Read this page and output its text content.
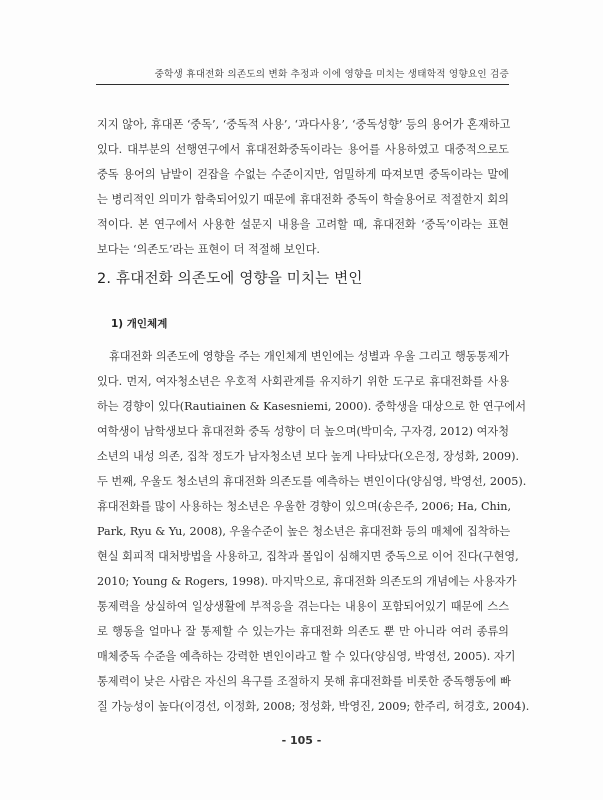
중학생 휴대전화 의존도의 변화 추정과 이에 영향을 미치는 생태학적 영향요인 검증
지지 않아, 휴대폰 ‘중독’, ‘중독적 사용’, ‘과다사용’, ‘중독성향’ 등의 용어가 혼재하고
있다. 대부분의 선행연구에서 휴대전화중독이라는 용어를 사용하였고 대중적으로도
중독 용어의 남발이 걷잡을 수없는 수준이지만, 엄밀하게 따져보면 중독이라는 말에
는 병리적인 의미가 함축되어있기 때문에 휴대전화 중독이 학술용어로 적절한지 회의
적이다. 본 연구에서 사용한 설문지 내용을 고려할 때, 휴대전화 ‘중독’이라는 표현
보다는 ‘의존도’라는 표현이 더 적절해 보인다.
2. 휴대전화 의존도에 영향을 미치는 변인
1) 개인체계
휴대전화 의존도에 영향을 주는 개인체계 변인에는 성별과 우울 그리고 행동통제가
있다. 먼저, 여자청소년은 우호적 사회관계를 유지하기 위한 도구로 휴대전화를 사용
하는 경향이 있다(Rautiainen & Kasesniemi, 2000). 중학생을 대상으로 한 연구에서
여학생이 남학생보다 휴대전화 중독 성향이 더 높으며(박미숙, 구자경, 2012) 여자청
소년의 내성 의존, 집착 정도가 남자청소년 보다 높게 나타났다(오은정, 장성화, 2009).
두 번째, 우울도 청소년의 휴대전화 의존도를 예측하는 변인이다(양심영, 박영선, 2005).
휴대전화를 많이 사용하는 청소년은 우울한 경향이 있으며(송은주, 2006; Ha, Chin,
Park, Ryu & Yu, 2008), 우울수준이 높은 청소년은 휴대전화 등의 매체에 집착하는
현실 회피적 대처방법을 사용하고, 집착과 몰입이 심해지면 중독으로 이어 진다(구현영,
2010; Young & Rogers, 1998). 마지막으로, 휴대전화 의존도의 개념에는 사용자가
통제력을 상실하여 일상생활에 부적응을 겪는다는 내용이 포함되어있기 때문에 스스
로 행동을 얼마나 잘 통제할 수 있는가는 휴대전화 의존도 뿐 만 아니라 여러 종류의
매체중독 수준을 예측하는 강력한 변인이라고 할 수 있다(양심영, 박영선, 2005). 자기
통제력이 낮은 사람은 자신의 욕구를 조절하지 못해 휴대전화를 비롯한 중독행동에 빠
질 가능성이 높다(이경선, 이정화, 2008; 정성화, 박영진, 2009; 한주리, 허경호, 2004).
- 105 -
